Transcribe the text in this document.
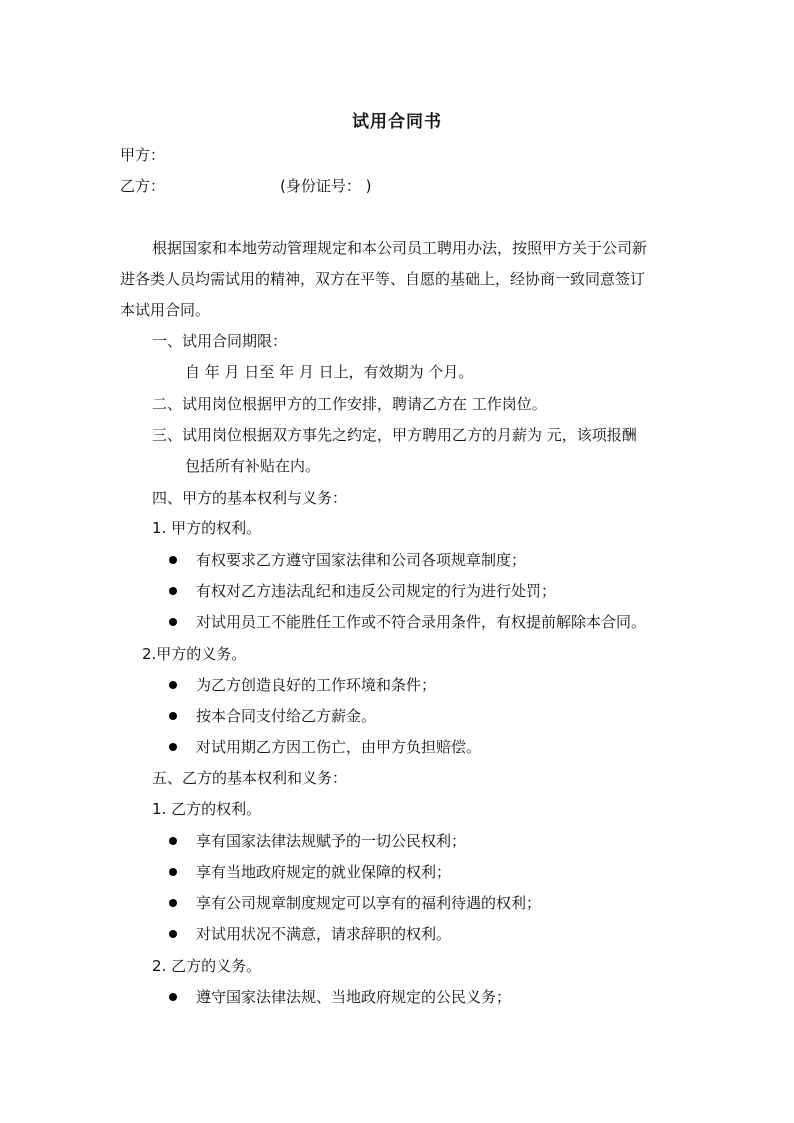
试用合同书
甲方：
乙方：	(身份证号： )
根据国家和本地劳动管理规定和本公司员工聘用办法，按照甲方关于公司新
进各类人员均需试用的精神，双方在平等、自愿的基础上，经协商一致同意签订
本试用合同。
一、试用合同期限：
自 年 月 日至 年 月 日上，有效期为 个月。
二、试用岗位根据甲方的工作安排，聘请乙方在 工作岗位。
三、试用岗位根据双方事先之约定，甲方聘用乙方的月薪为 元，该项报酬
包括所有补贴在内。
四、甲方的基本权利与义务：
1. 甲方的权利。
有权要求乙方遵守国家法律和公司各项规章制度；
有权对乙方违法乱纪和违反公司规定的行为进行处罚；
对试用员工不能胜任工作或不符合录用条件，有权提前解除本合同。
2.甲方的义务。
为乙方创造良好的工作环境和条件；
按本合同支付给乙方薪金。
对试用期乙方因工伤亡，由甲方负担赔偿。
五、乙方的基本权利和义务：
1. 乙方的权利。
享有国家法律法规赋予的一切公民权利；
享有当地政府规定的就业保障的权利；
享有公司规章制度规定可以享有的福利待遇的权利；
对试用状况不满意，请求辞职的权利。
2. 乙方的义务。
遵守国家法律法规、当地政府规定的公民义务；
